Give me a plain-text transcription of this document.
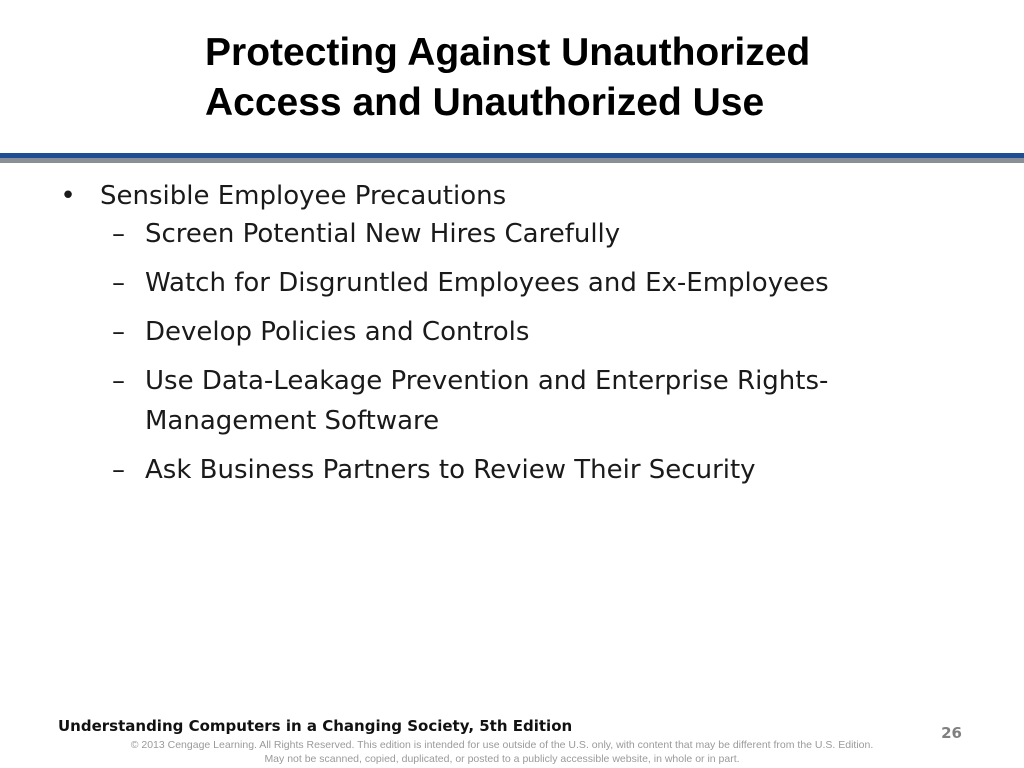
Protecting Against Unauthorized
Access and Unauthorized Use
• Sensible Employee Precautions
– Screen Potential New Hires Carefully
– Watch for Disgruntled Employees and Ex-Employees
– Develop Policies and Controls
– Use Data-Leakage Prevention and Enterprise Rights-Management Software
– Ask Business Partners to Review Their Security
Understanding Computers in a Changing Society, 5th Edition	26
© 2013 Cengage Learning. All Rights Reserved. This edition is intended for use outside of the U.S. only, with content that may be different from the U.S. Edition.
May not be scanned, copied, duplicated, or posted to a publicly accessible website, in whole or in part.
